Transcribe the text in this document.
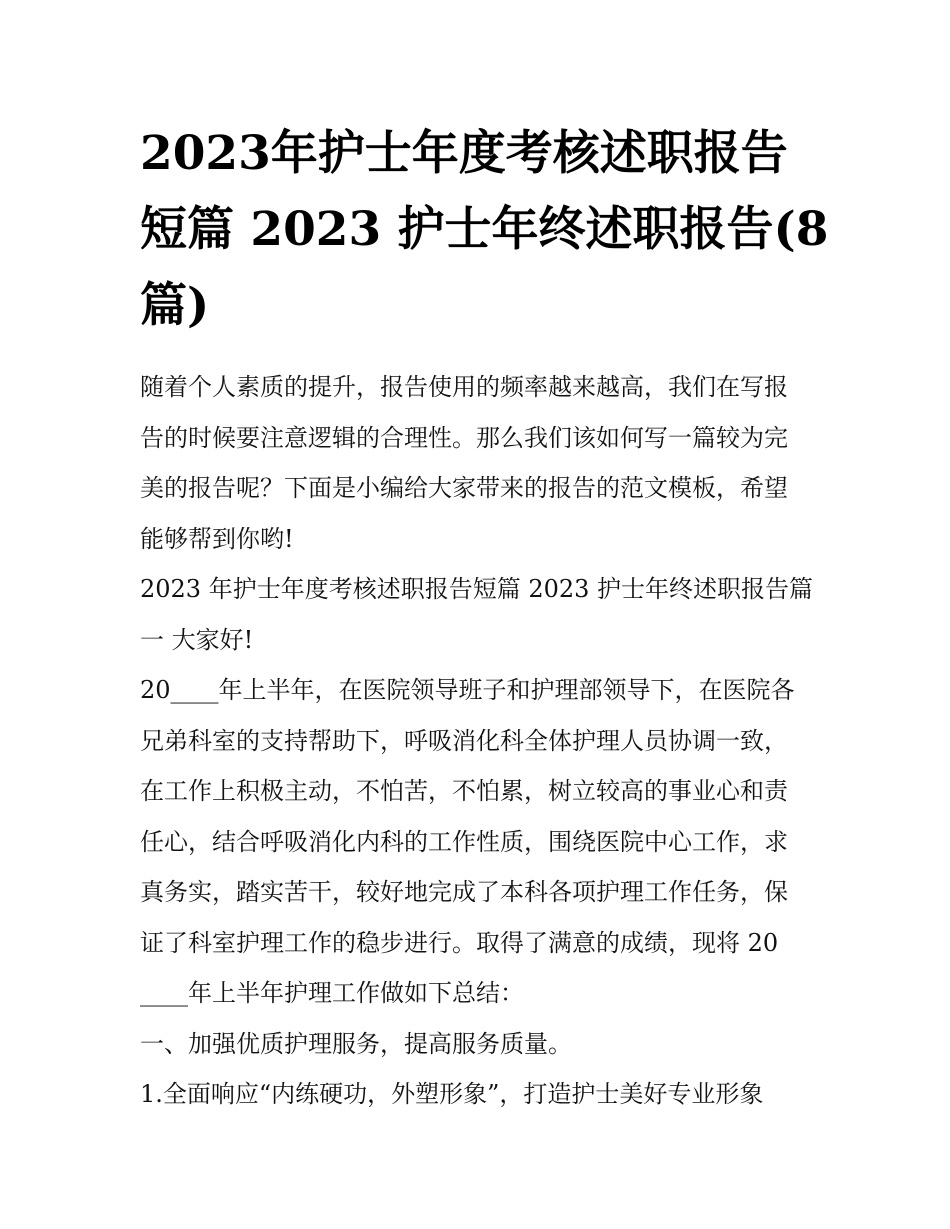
2023年护士年度考核述职报告
短篇 2023 护士年终述职报告(8
篇)
随着个人素质的提升，报告使用的频率越来越高，我们在写报
告的时候要注意逻辑的合理性。那么我们该如何写一篇较为完
美的报告呢？下面是小编给大家带来的报告的范文模板，希望
能够帮到你哟!
2023 年护士年度考核述职报告短篇 2023 护士年终述职报告篇
一 大家好!
20____年上半年，在医院领导班子和护理部领导下，在医院各
兄弟科室的支持帮助下，呼吸消化科全体护理人员协调一致，
在工作上积极主动，不怕苦，不怕累，树立较高的事业心和责
任心，结合呼吸消化内科的工作性质，围绕医院中心工作，求
真务实，踏实苦干，较好地完成了本科各项护理工作任务，保
证了科室护理工作的稳步进行。取得了满意的成绩，现将 20
____年上半年护理工作做如下总结：
一、加强优质护理服务，提高服务质量。
1.全面响应“内练硬功，外塑形象”，打造护士美好专业形象
